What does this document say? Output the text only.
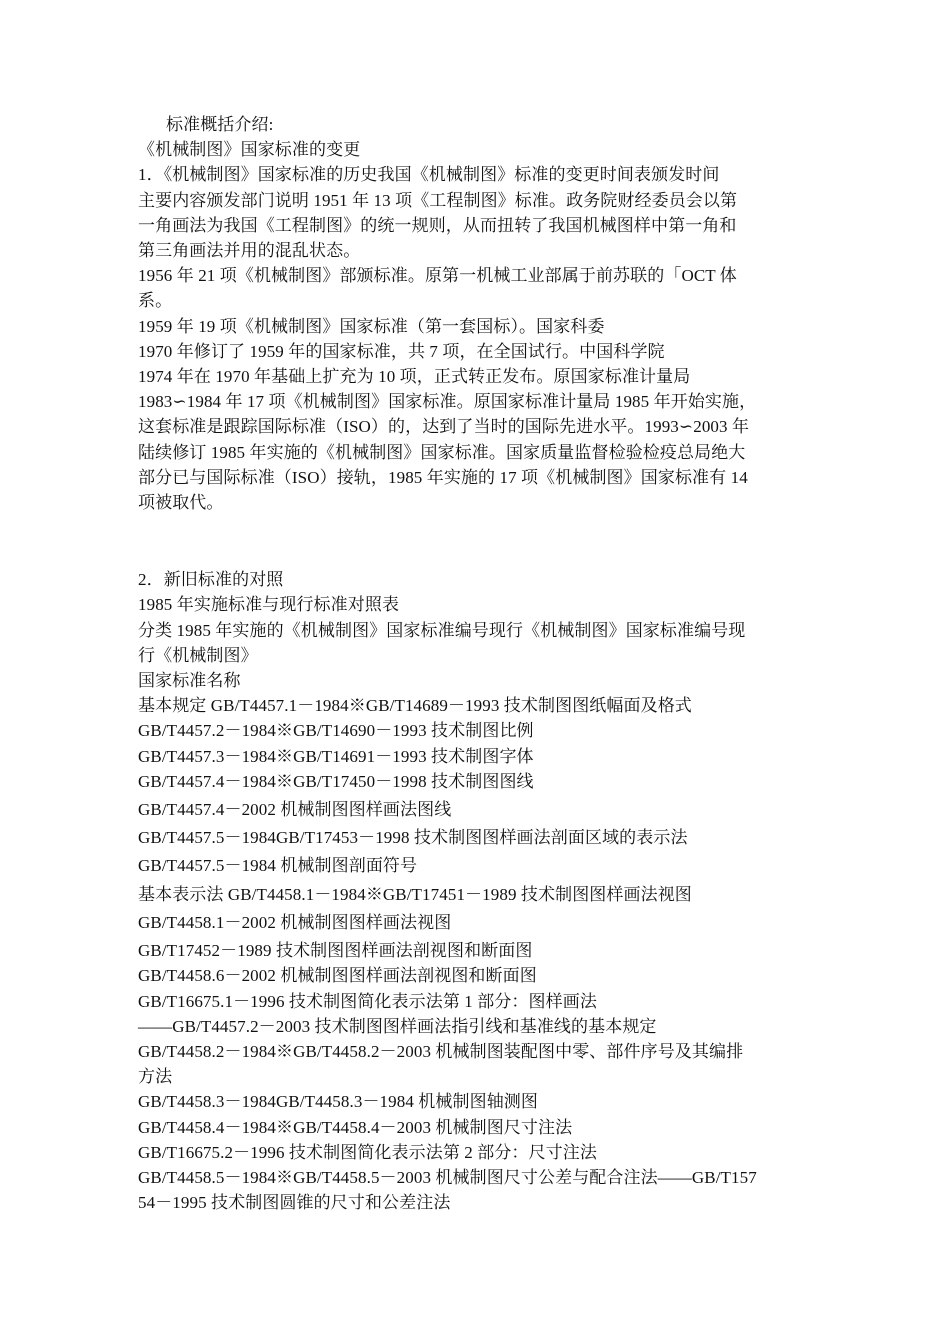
标准概括介绍:
《机械制图》国家标准的变更
1．《机械制图》国家标准的历史我国《机械制图》标准的变更时间表颁发时间
主要内容颁发部门说明 1951 年 13 项《工程制图》标准。政务院财经委员会以第
一角画法为我国《工程制图》的统一规则，从而扭转了我国机械图样中第一角和
第三角画法并用的混乱状态。
1956 年 21 项《机械制图》部颁标准。原第一机械工业部属于前苏联的「OCT 体
系。
1959 年 19 项《机械制图》国家标准（第一套国标）。国家科委
1970 年修订了 1959 年的国家标准，共 7 项，在全国试行。中国科学院
1974 年在 1970 年基础上扩充为 10 项，正式转正发布。原国家标准计量局
1983∽1984 年 17 项《机械制图》国家标准。原国家标准计量局 1985 年开始实施，
这套标准是跟踪国际标准（ISO）的，达到了当时的国际先进水平。1993∽2003 年
陆续修订 1985 年实施的《机械制图》国家标准。国家质量监督检验检疫总局绝大
部分已与国际标准（ISO）接轨，1985 年实施的 17 项《机械制图》国家标准有 14
项被取代。
2．新旧标准的对照
1985 年实施标准与现行标准对照表
分类 1985 年实施的《机械制图》国家标准编号现行《机械制图》国家标准编号现
行《机械制图》
国家标准名称
基本规定 GB/T4457.1－1984※GB/T14689－1993 技术制图图纸幅面及格式
GB/T4457.2－1984※GB/T14690－1993 技术制图比例
GB/T4457.3－1984※GB/T14691－1993 技术制图字体
GB/T4457.4－1984※GB/T17450－1998 技术制图图线
GB/T4457.4－2002 机械制图图样画法图线
GB/T4457.5－1984GB/T17453－1998 技术制图图样画法剖面区域的表示法
GB/T4457.5－1984 机械制图剖面符号
基本表示法 GB/T4458.1－1984※GB/T17451－1989 技术制图图样画法视图
GB/T4458.1－2002 机械制图图样画法视图
GB/T17452－1989 技术制图图样画法剖视图和断面图
GB/T4458.6－2002 机械制图图样画法剖视图和断面图
GB/T16675.1－1996 技术制图简化表示法第 1 部分：图样画法
——GB/T4457.2－2003 技术制图图样画法指引线和基准线的基本规定
GB/T4458.2－1984※GB/T4458.2－2003 机械制图装配图中零、部件序号及其编排
方法
GB/T4458.3－1984GB/T4458.3－1984 机械制图轴测图
GB/T4458.4－1984※GB/T4458.4－2003 机械制图尺寸注法
GB/T16675.2－1996 技术制图简化表示法第 2 部分：尺寸注法
GB/T4458.5－1984※GB/T4458.5－2003 机械制图尺寸公差与配合注法——GB/T157
54－1995 技术制图圆锥的尺寸和公差注法
